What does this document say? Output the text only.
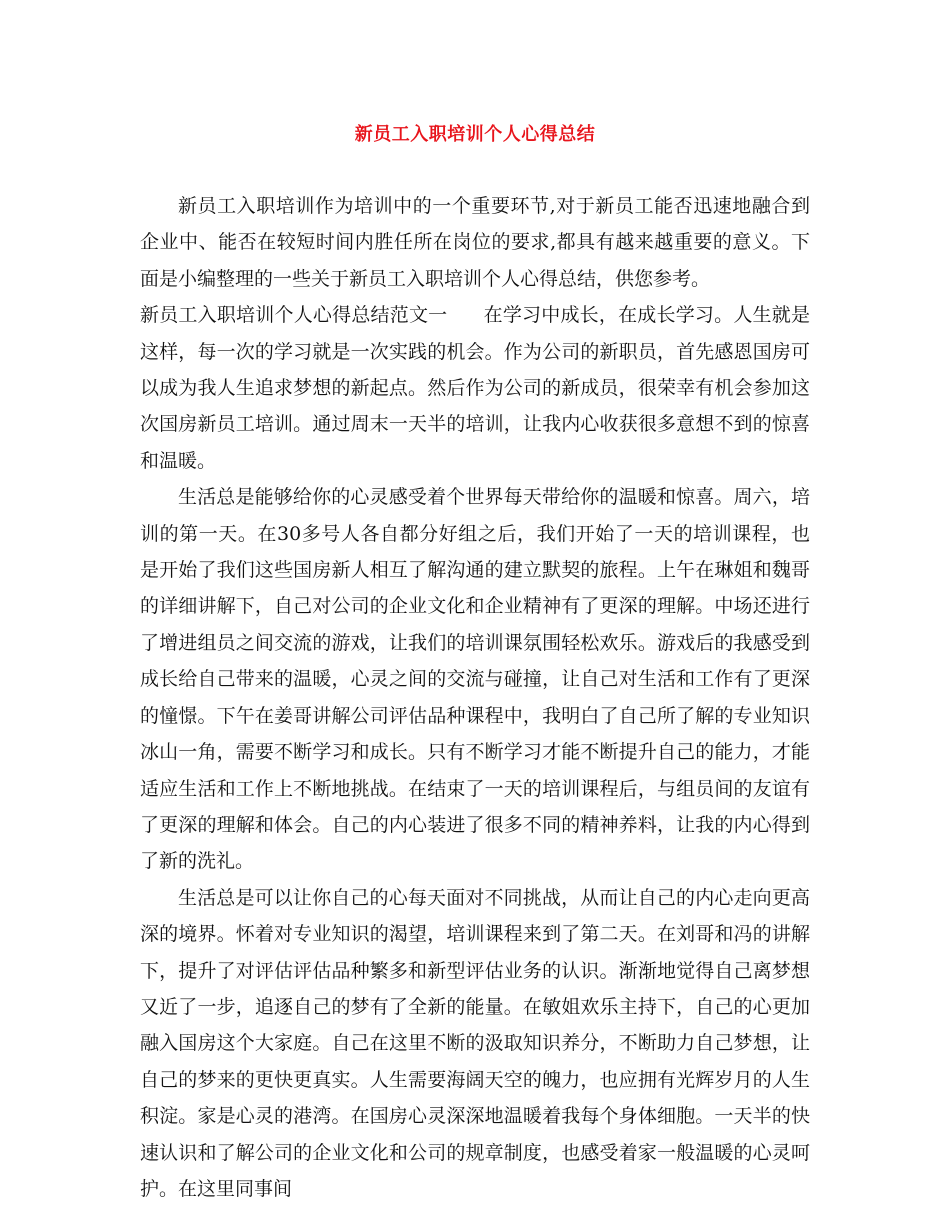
新员工入职培训个人心得总结

新员工入职培训作为培训中的一个重要环节,对于新员工能否迅速地融合到企业中、能否在较短时间内胜任所在岗位的要求,都具有越来越重要的意义。下面是小编整理的一些关于新员工入职培训个人心得总结，供您参考。

新员工入职培训个人心得总结范文一 在学习中成长，在成长学习。人生就是这样，每一次的学习就是一次实践的机会。作为公司的新职员，首先感恩国房可以成为我人生追求梦想的新起点。然后作为公司的新成员，很荣幸有机会参加这次国房新员工培训。通过周末一天半的培训，让我内心收获很多意想不到的惊喜和温暖。

生活总是能够给你的心灵感受着个世界每天带给你的温暖和惊喜。周六，培训的第一天。在30多号人各自都分好组之后，我们开始了一天的培训课程，也是开始了我们这些国房新人相互了解沟通的建立默契的旅程。上午在琳姐和魏哥的详细讲解下，自己对公司的企业文化和企业精神有了更深的理解。中场还进行了增进组员之间交流的游戏，让我们的培训课氛围轻松欢乐。游戏后的我感受到成长给自己带来的温暖，心灵之间的交流与碰撞，让自己对生活和工作有了更深的憧憬。下午在姜哥讲解公司评估品种课程中，我明白了自己所了解的专业知识冰山一角，需要不断学习和成长。只有不断学习才能不断提升自己的能力，才能适应生活和工作上不断地挑战。在结束了一天的培训课程后，与组员间的友谊有了更深的理解和体会。自己的内心装进了很多不同的精神养料，让我的内心得到了新的洗礼。

生活总是可以让你自己的心每天面对不同挑战，从而让自己的内心走向更高深的境界。怀着对专业知识的渴望，培训课程来到了第二天。在刘哥和冯的讲解下，提升了对评估评估品种繁多和新型评估业务的认识。渐渐地觉得自己离梦想又近了一步，追逐自己的梦有了全新的能量。在敏姐欢乐主持下，自己的心更加融入国房这个大家庭。自己在这里不断的汲取知识养分，不断助力自己梦想，让自己的梦来的更快更真实。人生需要海阔天空的魄力，也应拥有光辉岁月的人生积淀。家是心灵的港湾。在国房心灵深深地温暖着我每个身体细胞。一天半的快速认识和了解公司的企业文化和公司的规章制度，也感受着家一般温暖的心灵呵护。在这里同事间
